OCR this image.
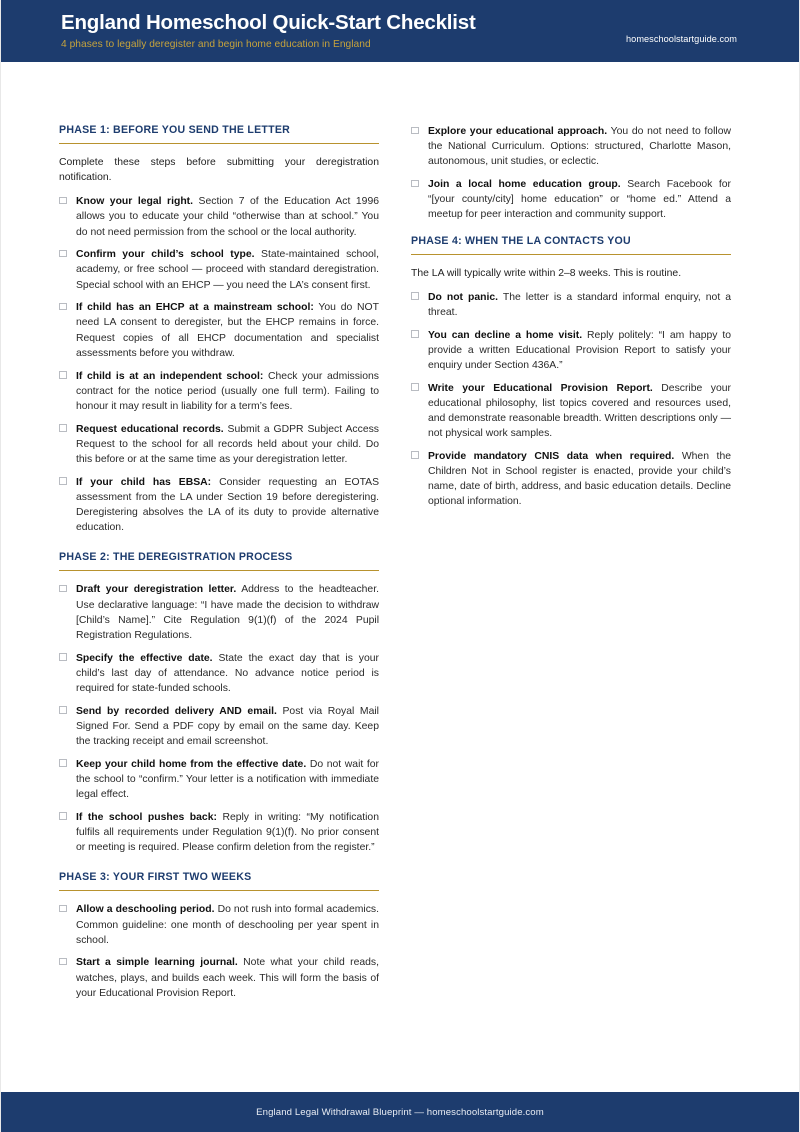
England Homeschool Quick-Start Checklist
4 phases to legally deregister and begin home education in England	homeschoolstartguide.com
PHASE 1: BEFORE YOU SEND THE LETTER

Complete these steps before submitting your deregistration notification.

Know your legal right. Section 7 of the Education Act 1996 allows you to educate your child “otherwise than at school.” You do not need permission from the school or the local authority.
Confirm your child’s school type. State-maintained school, academy, or free school — proceed with standard deregistration. Special school with an EHCP — you need the LA’s consent first.
If child has an EHCP at a mainstream school: You do NOT need LA consent to deregister, but the EHCP remains in force. Request copies of all EHCP documentation and specialist assessments before you withdraw.
If child is at an independent school: Check your admissions contract for the notice period (usually one full term). Failing to honour it may result in liability for a term’s fees.
Request educational records. Submit a GDPR Subject Access Request to the school for all records held about your child. Do this before or at the same time as your deregistration letter.
If your child has EBSA: Consider requesting an EOTAS assessment from the LA under Section 19 before deregistering. Deregistering absolves the LA of its duty to provide alternative education.
PHASE 2: THE DEREGISTRATION PROCESS
Draft your deregistration letter. Address to the headteacher. Use declarative language: “I have made the decision to withdraw [Child’s Name].” Cite Regulation 9(1)(f) of the 2024 Pupil Registration Regulations.
Specify the effective date. State the exact day that is your child’s last day of attendance. No advance notice period is required for state-funded schools.
Send by recorded delivery AND email. Post via Royal Mail Signed For. Send a PDF copy by email on the same day. Keep the tracking receipt and email screenshot.
Keep your child home from the effective date. Do not wait for the school to “confirm.” Your letter is a notification with immediate legal effect.
If the school pushes back: Reply in writing: “My notification fulfils all requirements under Regulation 9(1)(f). No prior consent or meeting is required. Please confirm deletion from the register.”
PHASE 3: YOUR FIRST TWO WEEKS
Allow a deschooling period. Do not rush into formal academics. Common guideline: one month of deschooling per year spent in school.
Start a simple learning journal. Note what your child reads, watches, plays, and builds each week. This will form the basis of your Educational Provision Report.
Explore your educational approach. You do not need to follow the National Curriculum. Options: structured, Charlotte Mason, autonomous, unit studies, or eclectic.
Join a local home education group. Search Facebook for “[your county/city] home education” or “home ed.” Attend a meetup for peer interaction and community support.
PHASE 4: WHEN THE LA CONTACTS YOU

The LA will typically write within 2–8 weeks. This is routine.

Do not panic. The letter is a standard informal enquiry, not a threat.
You can decline a home visit. Reply politely: “I am happy to provide a written Educational Provision Report to satisfy your enquiry under Section 436A.”
Write your Educational Provision Report. Describe your educational philosophy, list topics covered and resources used, and demonstrate reasonable breadth. Written descriptions only — not physical work samples.
Provide mandatory CNIS data when required. When the Children Not in School register is enacted, provide your child’s name, date of birth, address, and basic education details. Decline optional information.
England Legal Withdrawal Blueprint — homeschoolstartguide.com
